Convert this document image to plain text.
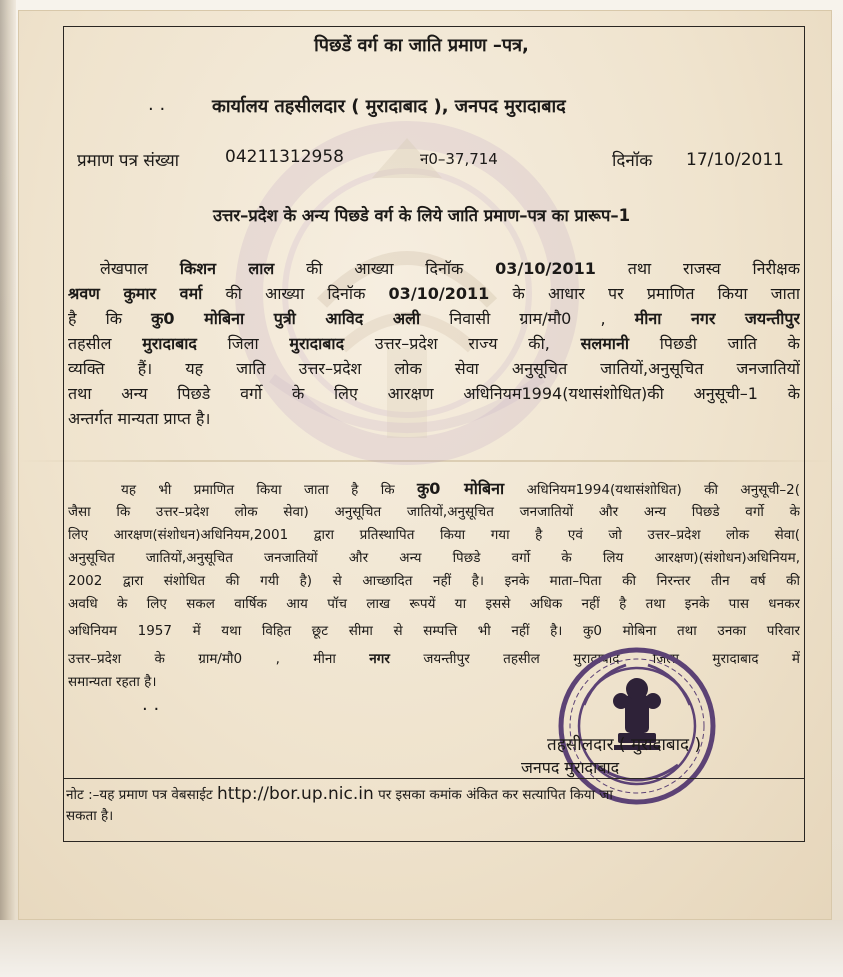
पिछडें वर्ग का जाति प्रमाण –पत्र,
. .	कार्यालय तहसीलदार ( मुरादाबाद ), जनपद मुरादाबाद
प्रमाण पत्र संख्या	04211312958	न0–37,714	दिनॉक 17/10/2011
उत्तर–प्रदेश के अन्य पिछडे वर्ग के लिये जाति प्रमाण–पत्र का प्रारूप–1
लेखपाल किशन लाल की आख्या दिनॉक 03/10/2011 तथा राजस्व निरीक्षक
श्रवण कुमार वर्मा की आख्या दिनॉक 03/10/2011 के आधार पर प्रमाणित किया जाता
है कि कु0 मोबिना पुत्री आविद अली निवासी ग्राम/मौ0 , मीना नगर जयन्तीपुर
तहसील मुरादाबाद जिला मुरादाबाद उत्तर–प्रदेश राज्य की, सलमानी पिछडी जाति के
व्यक्ति हैं। यह जाति उत्तर–प्रदेश लोक सेवा अनुसूचित जातियों,अनुसूचित जनजातियों
तथा अन्य पिछडे वर्गो के लिए आरक्षण अधिनियम1994(यथासंशोधित)की अनुसूची–1 के
अन्तर्गत मान्यता प्राप्त है।
यह भी प्रमाणित किया जाता है कि कु0 मोबिना अधिनियम1994(यथासंशोधित) की अनुसूची–2(
जैसा कि उत्तर–प्रदेश लोक सेवा) अनुसूचित जातियों,अनुसूचित जनजातियों और अन्य पिछडे वर्गो के
लिए आरक्षण(संशोधन)अधिनियम,2001 द्वारा प्रतिस्थापित किया गया है एवं जो उत्तर–प्रदेश लोक सेवा(
अनुसूचित जातियों,अनुसूचित जनजातियों और अन्य पिछडे वर्गो के लिय आरक्षण)(संशोधन)अधिनियम,
2002 द्वारा संशोधित की गयी है) से आच्छादित नहीं है। इनके माता–पिता की निरन्तर तीन वर्ष की
अवधि के लिए सकल वार्षिक आय पॉच लाख रूपयें या इससे अधिक नहीं है तथा इनके पास धनकर
अधिनियम 1957 में यथा विहित छूट सीमा से सम्पत्ति भी नहीं है। कु0 मोबिना तथा उनका परिवार
उत्तर–प्रदेश के ग्राम/मौ0 , मीना नगर जयन्तीपुर तहसील मुरादाबाद जिला मुरादाबाद में
समान्यता रहता है।
. .
तहसीलदार ( मुरादाबाद )
जनपद मुरादाबाद
नोट :–यह प्रमाण पत्र वेबसाईट http://bor.up.nic.in पर इसका कमांक अंकित कर सत्यापित किया जा
सकता है।
